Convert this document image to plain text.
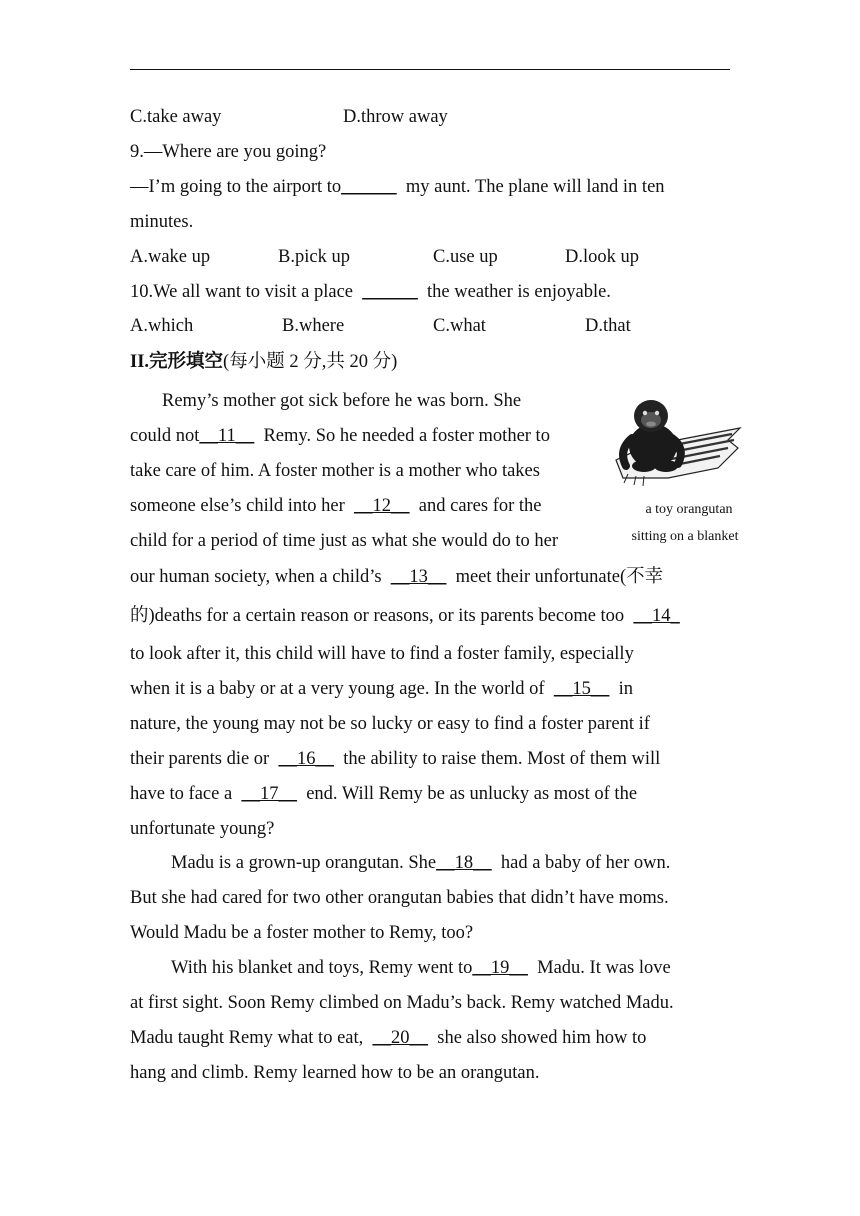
C.take away	D.throw away
9.—Where are you going?
—I’m going to the airport to______  my aunt. The plane will land in ten
minutes.
A.wake up	B.pick up	C.use up	D.look up
10.We all want to visit a place  ______  the weather is enjoyable.
A.which	B.where	C.what	D.that
II.完形填空(每小题 2 分,共 20 分)
a toy orangutan
sitting on a blanket
Remy’s mother got sick before he was born. She
could not__11__  Remy. So he needed a foster mother to
take care of him. A foster mother is a mother who takes
someone else’s child into her  __12__  and cares for the
child for a period of time just as what she would do to her
our human society, when a child’s  __13__  meet their unfortunate(不幸
的)deaths for a certain reason or reasons, or its parents become too  __14_
to look after it, this child will have to find a foster family, especially
when it is a baby or at a very young age. In the world of  __15__  in
nature, the young may not be so lucky or easy to find a foster parent if
their parents die or  __16__  the ability to raise them. Most of them will
have to face a  __17__  end. Will Remy be as unlucky as most of the
unfortunate young?
Madu is a grown-up orangutan. She__18__  had a baby of her own.
But she had cared for two other orangutan babies that didn’t have moms.
Would Madu be a foster mother to Remy, too?
With his blanket and toys, Remy went to__19__  Madu. It was love
at first sight. Soon Remy climbed on Madu’s back. Remy watched Madu.
Madu taught Remy what to eat,  __20__  she also showed him how to
hang and climb. Remy learned how to be an orangutan.
